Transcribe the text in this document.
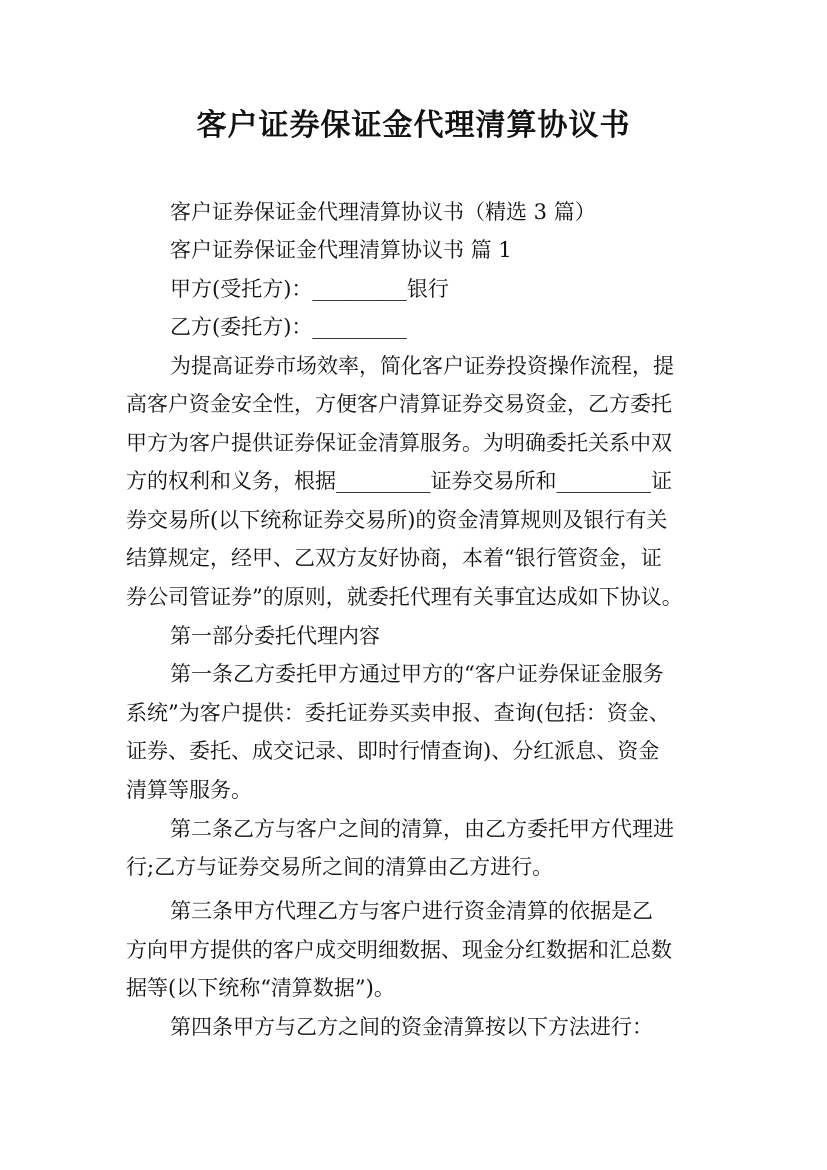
客户证券保证金代理清算协议书
客户证券保证金代理清算协议书（精选 3 篇）
客户证券保证金代理清算协议书 篇 1
甲方(受托方)：_________银行
乙方(委托方)：_________
为提高证券市场效率，简化客户证券投资操作流程，提
高客户资金安全性，方便客户清算证券交易资金，乙方委托
甲方为客户提供证券保证金清算服务。为明确委托关系中双
方的权利和义务，根据_________证券交易所和_________证
券交易所(以下统称证券交易所)的资金清算规则及银行有关
结算规定，经甲、乙双方友好协商，本着“银行管资金，证
券公司管证券”的原则，就委托代理有关事宜达成如下协议。
第一部分委托代理内容
第一条乙方委托甲方通过甲方的“客户证券保证金服务
系统”为客户提供：委托证券买卖申报、查询(包括：资金、
证券、委托、成交记录、即时行情查询)、分红派息、资金
清算等服务。
第二条乙方与客户之间的清算，由乙方委托甲方代理进
行;乙方与证券交易所之间的清算由乙方进行。
第三条甲方代理乙方与客户进行资金清算的依据是乙
方向甲方提供的客户成交明细数据、现金分红数据和汇总数
据等(以下统称“清算数据”)。
第四条甲方与乙方之间的资金清算按以下方法进行：
